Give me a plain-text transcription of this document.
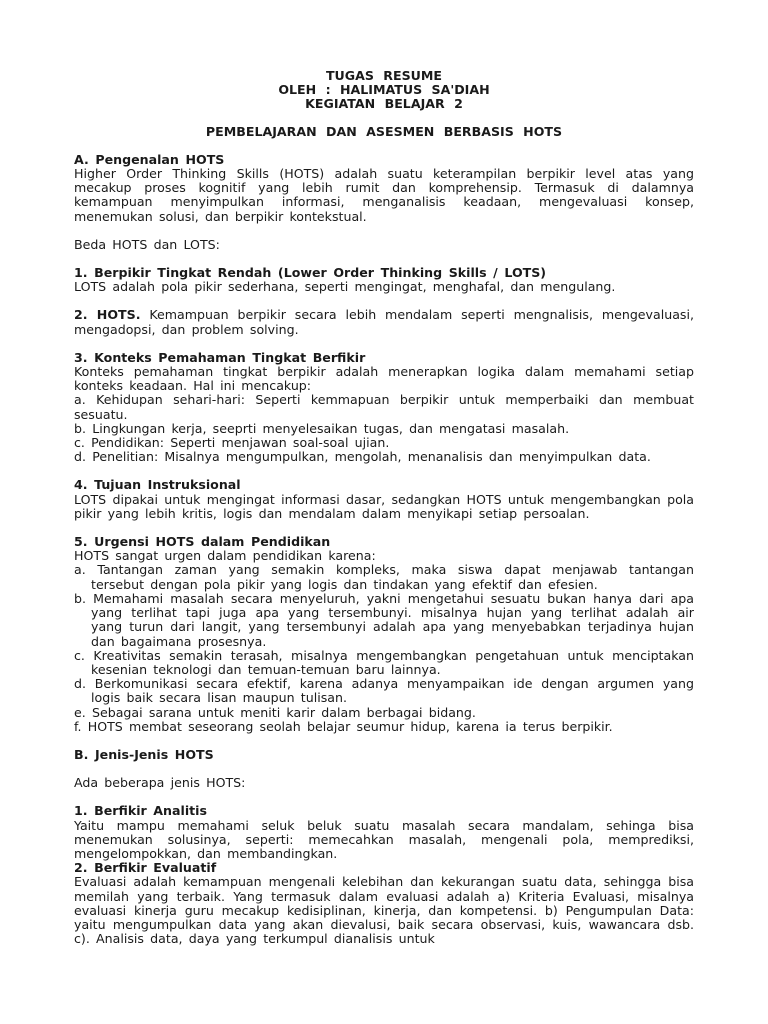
TUGAS RESUME
OLEH : HALIMATUS SA'DIAH
KEGIATAN BELAJAR 2
PEMBELAJARAN DAN ASESMEN BERBASIS HOTS

A. Pengenalan HOTS

Higher Order Thinking Skills (HOTS) adalah suatu keterampilan berpikir level atas yang mecakup proses kognitif yang lebih rumit dan komprehensip. Termasuk di dalamnya kemampuan menyimpulkan informasi, menganalisis keadaan, mengevaluasi konsep, menemukan solusi, dan berpikir kontekstual.

Beda HOTS dan LOTS:

1. Berpikir Tingkat Rendah (Lower Order Thinking Skills / LOTS)

LOTS adalah pola pikir sederhana, seperti mengingat, menghafal, dan mengulang.

2. HOTS. Kemampuan berpikir secara lebih mendalam seperti mengnalisis, mengevaluasi, mengadopsi, dan problem solving.

3. Konteks Pemahaman Tingkat Berfikir

Konteks pemahaman tingkat berpikir adalah menerapkan logika dalam memahami setiap konteks keadaan. Hal ini mencakup:

a. Kehidupan sehari-hari: Seperti kemmapuan berpikir untuk memperbaiki dan membuat sesuatu.

b. Lingkungan kerja, seeprti menyelesaikan tugas, dan mengatasi masalah.

c. Pendidikan: Seperti menjawan soal-soal ujian.

d. Penelitian: Misalnya mengumpulkan, mengolah, menanalisis dan menyimpulkan data.

4. Tujuan Instruksional

LOTS dipakai untuk mengingat informasi dasar, sedangkan HOTS untuk mengembangkan pola pikir yang lebih kritis, logis dan mendalam dalam menyikapi setiap persoalan.

5. Urgensi HOTS dalam Pendidikan

HOTS sangat urgen dalam pendidikan karena:

a. Tantangan zaman yang semakin kompleks, maka siswa dapat menjawab tantangan tersebut dengan pola pikir yang logis dan tindakan yang efektif dan efesien.

b. Memahami masalah secara menyeluruh, yakni mengetahui sesuatu bukan hanya dari apa yang terlihat tapi juga apa yang tersembunyi. misalnya hujan yang terlihat adalah air yang turun dari langit, yang tersembunyi adalah apa yang menyebabkan terjadinya hujan dan bagaimana prosesnya.

c. Kreativitas semakin terasah, misalnya mengembangkan pengetahuan untuk menciptakan kesenian teknologi dan temuan-temuan baru lainnya.

d. Berkomunikasi secara efektif, karena adanya menyampaikan ide dengan argumen yang logis baik secara lisan maupun tulisan.

e. Sebagai sarana untuk meniti karir dalam berbagai bidang.

f. HOTS membat seseorang seolah belajar seumur hidup, karena ia terus berpikir.

B. Jenis-Jenis HOTS

Ada beberapa jenis HOTS:

1. Berfikir Analitis

Yaitu mampu memahami seluk beluk suatu masalah secara mandalam, sehinga bisa menemukan solusinya, seperti: memecahkan masalah, mengenali pola, memprediksi, mengelompokkan, dan membandingkan.

2. Berfikir Evaluatif

Evaluasi adalah kemampuan mengenali kelebihan dan kekurangan suatu data, sehingga bisa memilah yang terbaik. Yang termasuk dalam evaluasi adalah a) Kriteria Evaluasi, misalnya evaluasi kinerja guru mecakup kedisiplinan, kinerja, dan kompetensi. b) Pengumpulan Data: yaitu mengumpulkan data yang akan dievalusi, baik secara observasi, kuis, wawancara dsb. c). Analisis data, daya yang terkumpul dianalisis untuk
